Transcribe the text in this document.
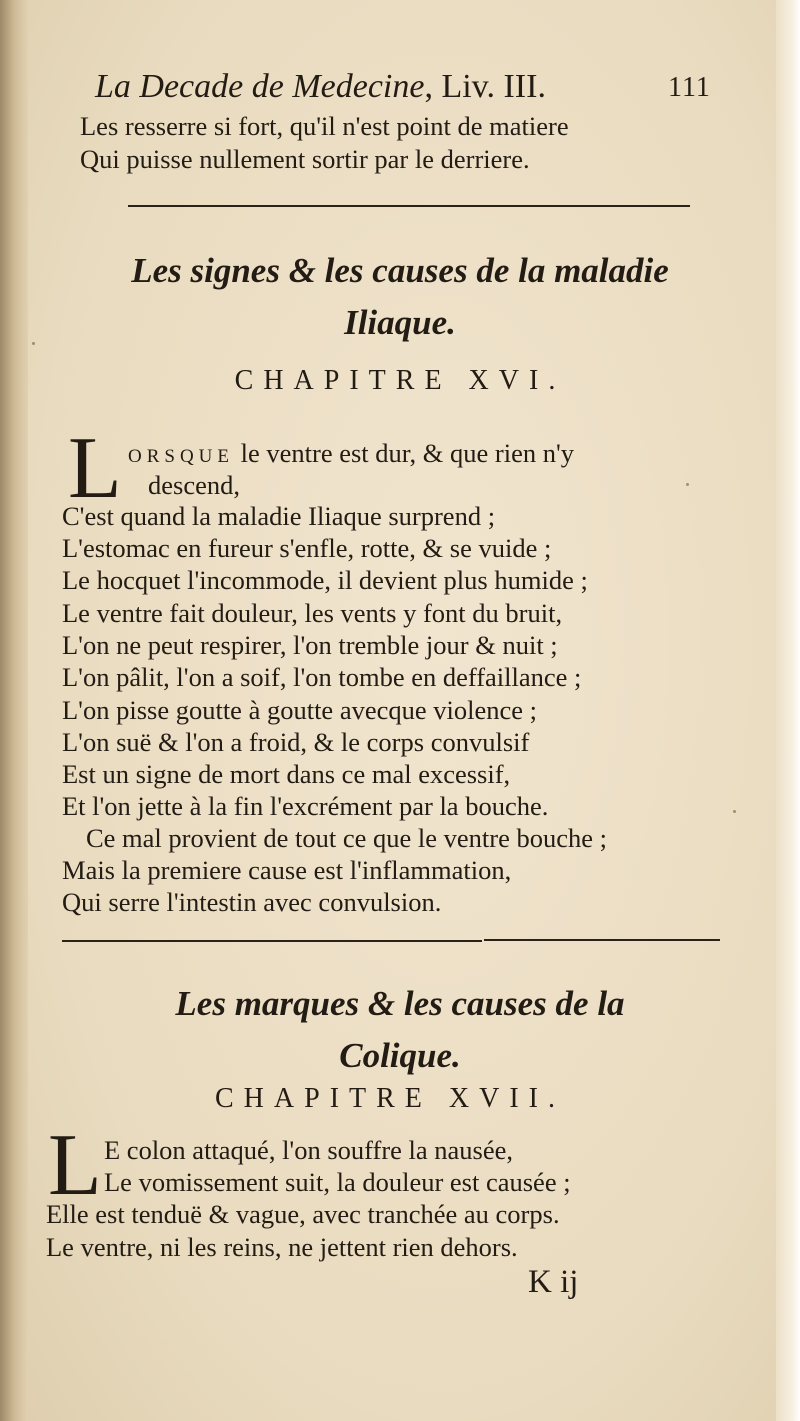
La Decade de Medecine, Liv. III.	111
Les resserre si fort, qu'il n'est point de matiere
Qui puisse nullement sortir par le derriere.
Les signes & les causes de la maladie
Iliaque.
CHAPITRE XVI.
L ORSQUE le ventre est dur, & que rien n'y
descend,
C'est quand la maladie Iliaque surprend ;
L'estomac en fureur s'enfle, rotte, & se vuide ;
Le hocquet l'incommode, il devient plus humide ;
Le ventre fait douleur, les vents y font du bruit,
L'on ne peut respirer, l'on tremble jour & nuit ;
L'on pâlit, l'on a soif, l'on tombe en deffaillance ;
L'on pisse goutte à goutte avecque violence ;
L'on suë & l'on a froid, & le corps convulsif
Est un signe de mort dans ce mal excessif,
Et l'on jette à la fin l'excrément par la bouche.
Ce mal provient de tout ce que le ventre bouche ;
Mais la premiere cause est l'inflammation,
Qui serre l'intestin avec convulsion.
Les marques & les causes de la
Colique.
CHAPITRE XVII.
L E colon attaqué, l'on souffre la nausée,
Le vomissement suit, la douleur est causée ;
Elle est tenduë & vague, avec tranchée au corps.
Le ventre, ni les reins, ne jettent rien dehors.
K ij
